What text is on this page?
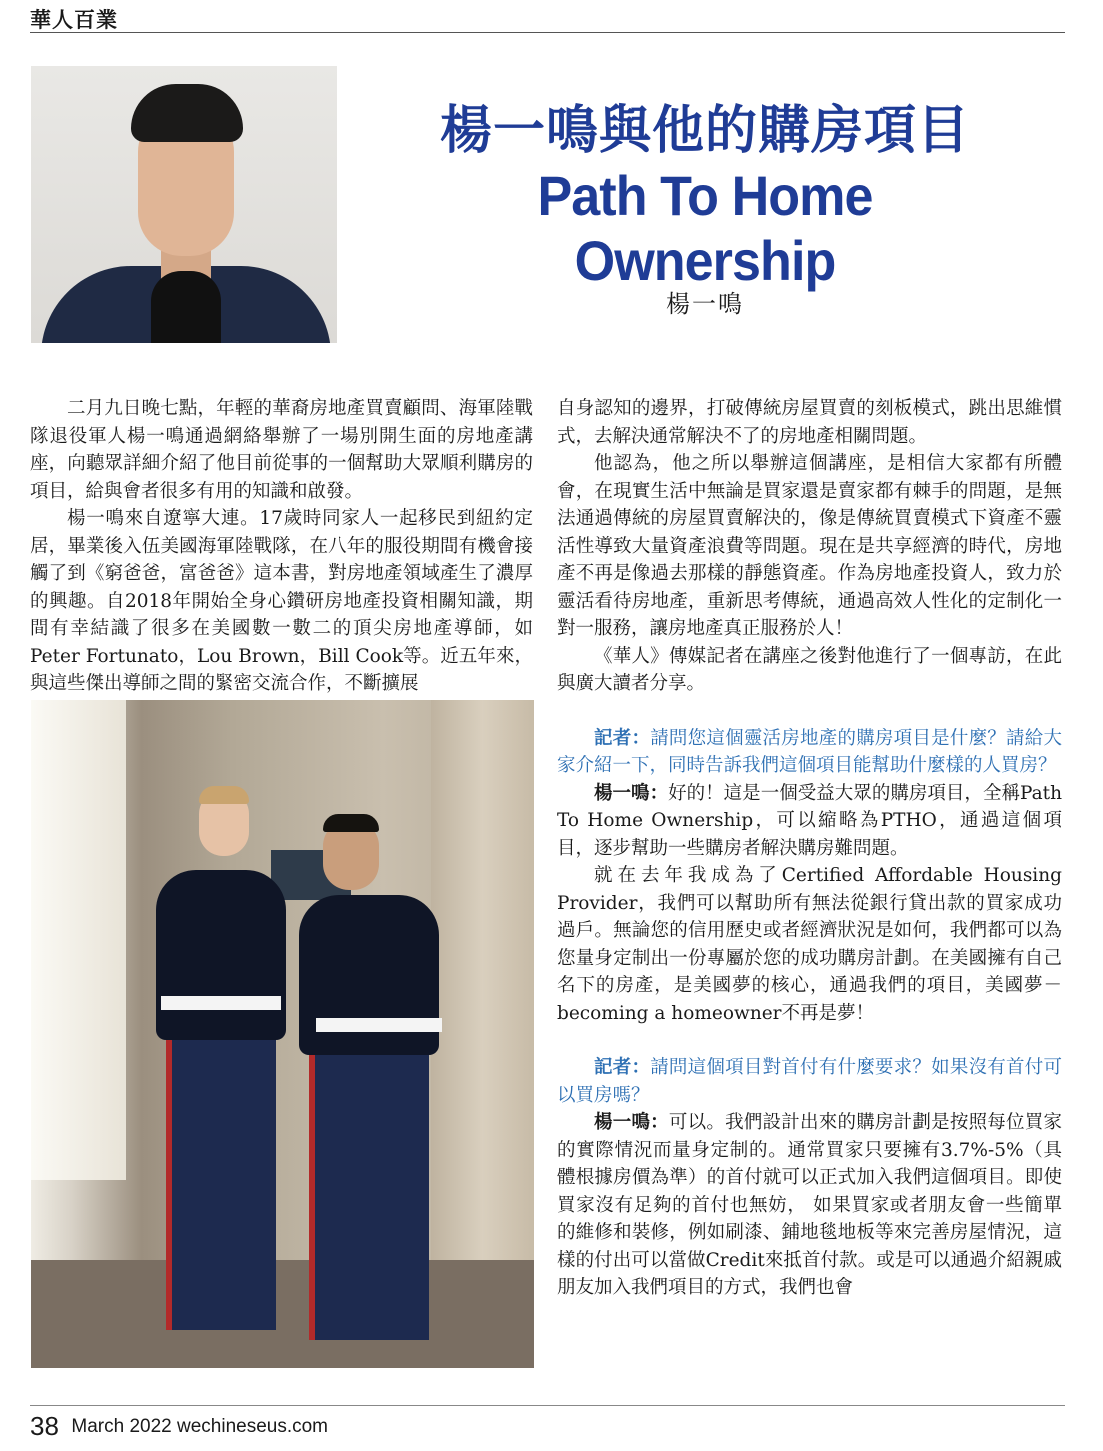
華人百業
楊一鳴與他的購房項目
Path To Home Ownership
楊一鳴

二月九日晚七點，年輕的華裔房地產買賣顧問、海軍陸戰隊退役軍人楊一鳴通過網絡舉辦了一場別開生面的房地產講座，向聽眾詳細介紹了他目前從事的一個幫助大眾順利購房的項目，給與會者很多有用的知識和啟發。

楊一鳴來自遼寧大連。17歲時同家人一起移民到紐約定居，畢業後入伍美國海軍陸戰隊，在八年的服役期間有機會接觸了到《窮爸爸，富爸爸》這本書，對房地產領域產生了濃厚的興趣。自2018年開始全身心鑽研房地產投資相關知識，期間有幸結識了很多在美國數一數二的頂尖房地產導師，如Peter Fortunato，Lou Brown，Bill Cook等。近五年來，與這些傑出導師之間的緊密交流合作，不斷擴展

自身認知的邊界，打破傳統房屋買賣的刻板模式，跳出思維慣式，去解決通常解決不了的房地產相關問題。

他認為，他之所以舉辦這個講座，是相信大家都有所體會，在現實生活中無論是買家還是賣家都有棘手的問題，是無法通過傳統的房屋買賣解決的，像是傳統買賣模式下資產不靈活性導致大量資產浪費等問題。現在是共享經濟的時代，房地產不再是像過去那樣的靜態資產。作為房地產投資人，致力於靈活看待房地產，重新思考傳統，通過高效人性化的定制化一對一服務，讓房地產真正服務於人！

《華人》傳媒記者在講座之後對他進行了一個專訪，在此與廣大讀者分享。

記者：請問您這個靈活房地產的購房項目是什麼？請給大家介紹一下，同時告訴我們這個項目能幫助什麼樣的人買房？

楊一鳴：好的！這是一個受益大眾的購房項目，全稱Path To Home Ownership，可以縮略為PTHO，通過這個項目，逐步幫助一些購房者解決購房難問題。

就在去年我成為了Certified Affordable Housing Provider，我們可以幫助所有無法從銀行貸出款的買家成功過戶。無論您的信用歷史或者經濟狀況是如何，我們都可以為您量身定制出一份專屬於您的成功購房計劃。在美國擁有自己名下的房產，是美國夢的核心，通過我們的項目，美國夢－becoming a homeowner不再是夢！

記者：請問這個項目對首付有什麼要求？如果沒有首付可以買房嗎？

楊一鳴：可以。我們設計出來的購房計劃是按照每位買家的實際情況而量身定制的。通常買家只要擁有3.7%-5%（具體根據房價為準）的首付就可以正式加入我們這個項目。即使買家沒有足夠的首付也無妨， 如果買家或者朋友會一些簡單的維修和裝修，例如刷漆、鋪地毯地板等來完善房屋情況，這樣的付出可以當做Credit來抵首付款。或是可以通過介紹親戚朋友加入我們項目的方式，我們也會

38 March 2022 wechineseus.com
